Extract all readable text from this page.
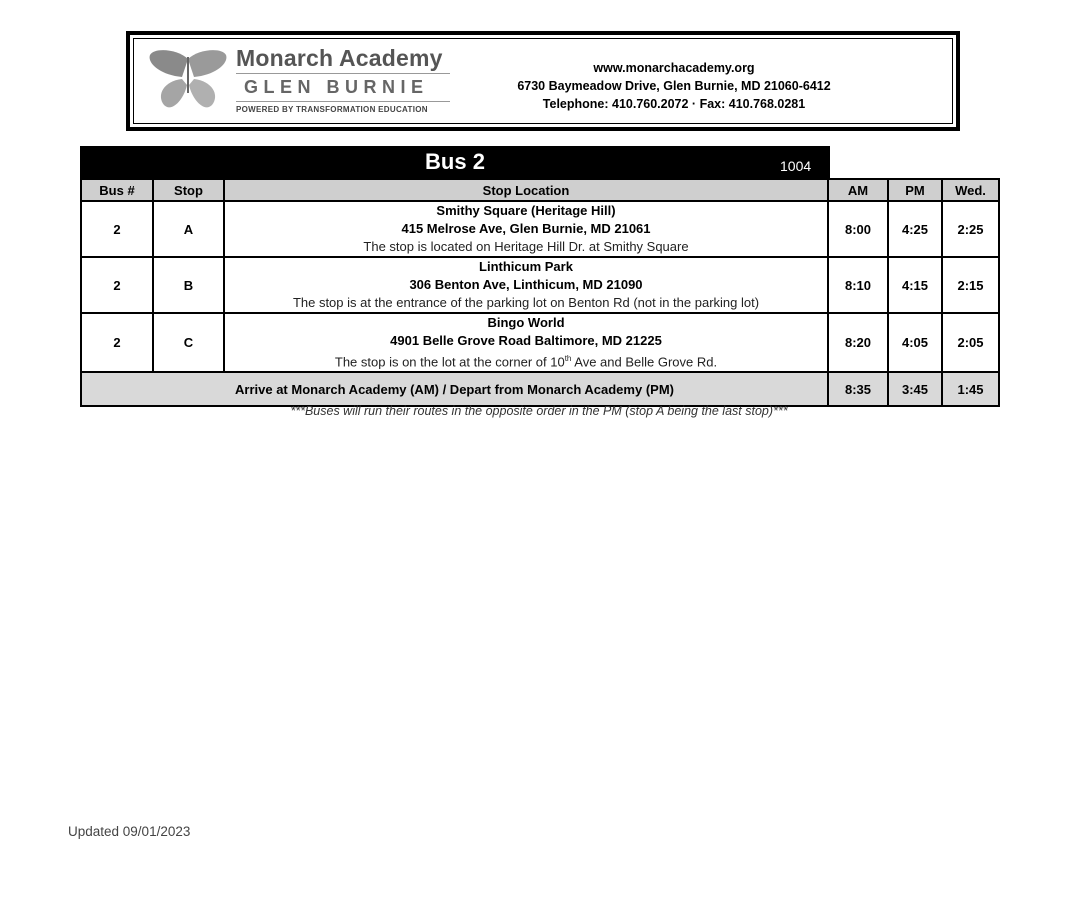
Monarch Academy
GLEN BURNIE
POWERED BY TRANSFORMATION EDUCATION
www.monarchacademy.org
6730 Baymeadow Drive, Glen Burnie, MD 21060-6412
Telephone: 410.760.2072 · Fax: 410.768.0281
Bus 2	1004
Bus #	Stop	Stop Location	AM	PM	Wed.
2	A	Smithy Square (Heritage Hill)
415 Melrose Ave, Glen Burnie, MD 21061
The stop is located on Heritage Hill Dr. at Smithy Square	8:00	4:25	2:25
2	B	Linthicum Park
306 Benton Ave, Linthicum, MD 21090
The stop is at the entrance of the parking lot on Benton Rd (not in the parking lot)	8:10	4:15	2:15
2	C	Bingo World
4901 Belle Grove Road Baltimore, MD 21225
The stop is on the lot at the corner of 10th Ave and Belle Grove Rd.	8:20	4:05	2:05
Arrive at Monarch Academy (AM) / Depart from Monarch Academy (PM)			8:35	3:45	1:45
***Buses will run their routes in the opposite order in the PM (stop A being the last stop)***
Updated 09/01/2023
